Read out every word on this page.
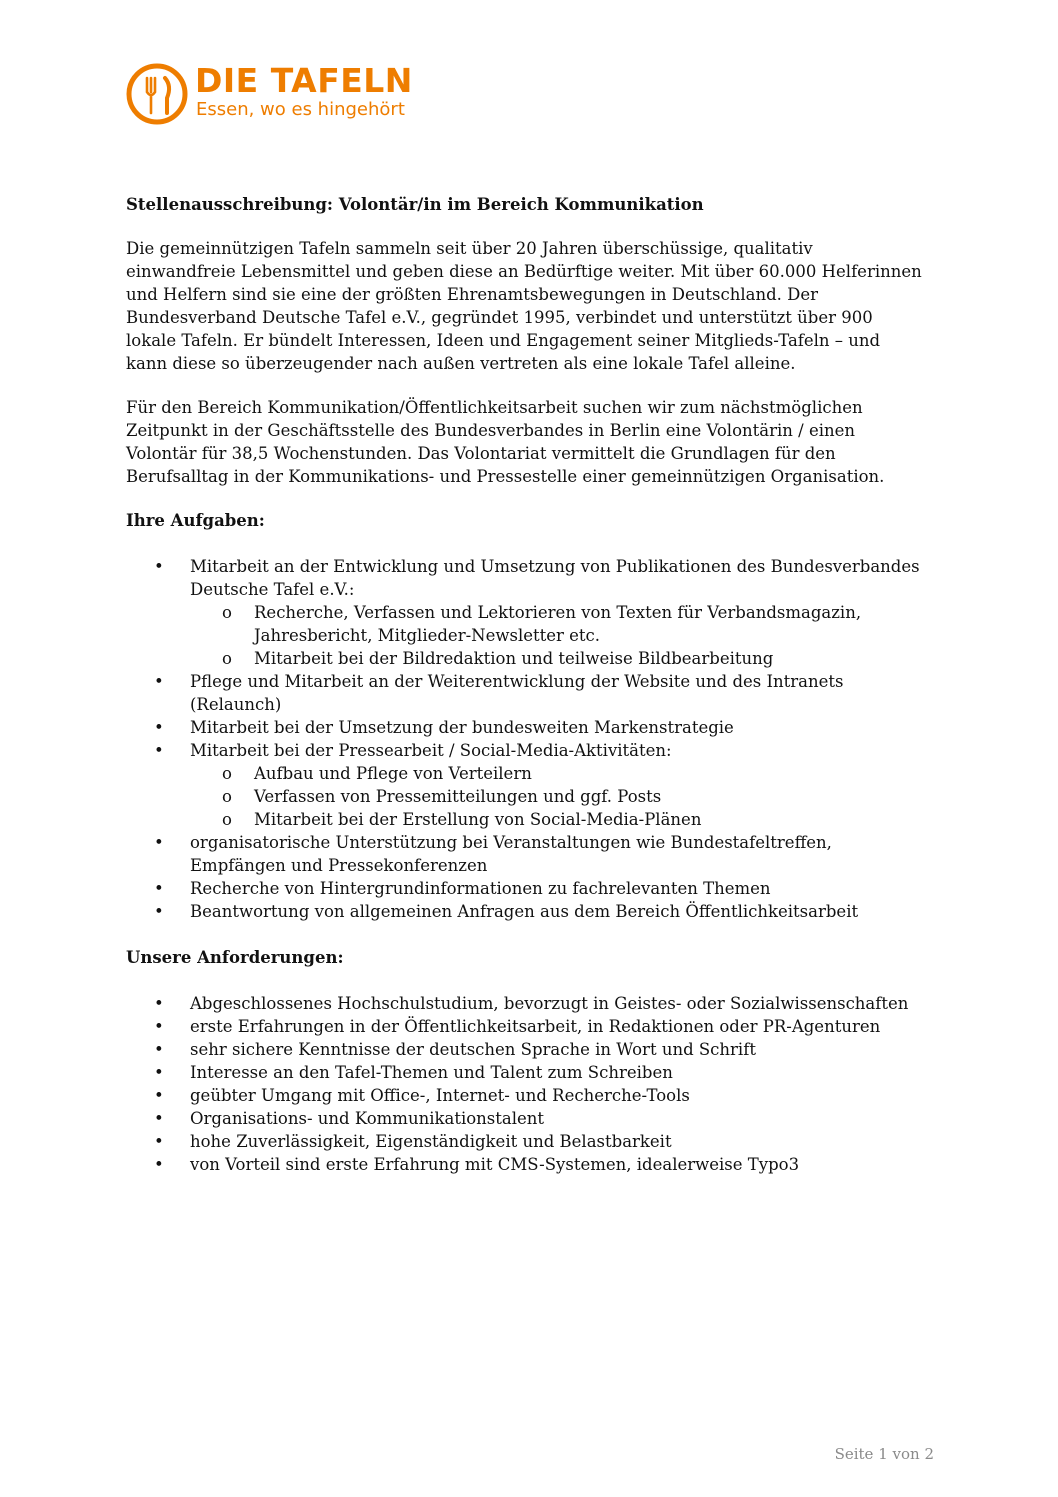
DIE TAFELN
Essen, wo es hingehört
Stellenausschreibung: Volontär/in im Bereich Kommunikation
Die gemeinnützigen Tafeln sammeln seit über 20 Jahren überschüssige, qualitativ einwandfreie Lebensmittel und geben diese an Bedürftige weiter. Mit über 60.000 Helferinnen und Helfern sind sie eine der größten Ehrenamtsbewegungen in Deutschland. Der Bundesverband Deutsche Tafel e.V., gegründet 1995, verbindet und unterstützt über 900 lokale Tafeln. Er bündelt Interessen, Ideen und Engagement seiner Mitglieds-Tafeln – und kann diese so überzeugender nach außen vertreten als eine lokale Tafel alleine.
Für den Bereich Kommunikation/Öffentlichkeitsarbeit suchen wir zum nächstmöglichen Zeitpunkt in der Geschäftsstelle des Bundesverbandes in Berlin eine Volontärin / einen Volontär für 38,5 Wochenstunden. Das Volontariat vermittelt die Grundlagen für den Berufsalltag in der Kommunikations- und Pressestelle einer gemeinnützigen Organisation.
Ihre Aufgaben:
• Mitarbeit an der Entwicklung und Umsetzung von Publikationen des Bundesverbandes Deutsche Tafel e.V.:
o Recherche, Verfassen und Lektorieren von Texten für Verbandsmagazin, Jahresbericht, Mitglieder-Newsletter etc.
o Mitarbeit bei der Bildredaktion und teilweise Bildbearbeitung
• Pflege und Mitarbeit an der Weiterentwicklung der Website und des Intranets (Relaunch)
• Mitarbeit bei der Umsetzung der bundesweiten Markenstrategie
• Mitarbeit bei der Pressearbeit / Social-Media-Aktivitäten:
o Aufbau und Pflege von Verteilern
o Verfassen von Pressemitteilungen und ggf. Posts
o Mitarbeit bei der Erstellung von Social-Media-Plänen
• organisatorische Unterstützung bei Veranstaltungen wie Bundestafeltreffen, Empfängen und Pressekonferenzen
• Recherche von Hintergrundinformationen zu fachrelevanten Themen
• Beantwortung von allgemeinen Anfragen aus dem Bereich Öffentlichkeitsarbeit
Unsere Anforderungen:
• Abgeschlossenes Hochschulstudium, bevorzugt in Geistes- oder Sozialwissenschaften
• erste Erfahrungen in der Öffentlichkeitsarbeit, in Redaktionen oder PR-Agenturen
• sehr sichere Kenntnisse der deutschen Sprache in Wort und Schrift
• Interesse an den Tafel-Themen und Talent zum Schreiben
• geübter Umgang mit Office-, Internet- und Recherche-Tools
• Organisations- und Kommunikationstalent
• hohe Zuverlässigkeit, Eigenständigkeit und Belastbarkeit
• von Vorteil sind erste Erfahrung mit CMS-Systemen, idealerweise Typo3
Seite 1 von 2
